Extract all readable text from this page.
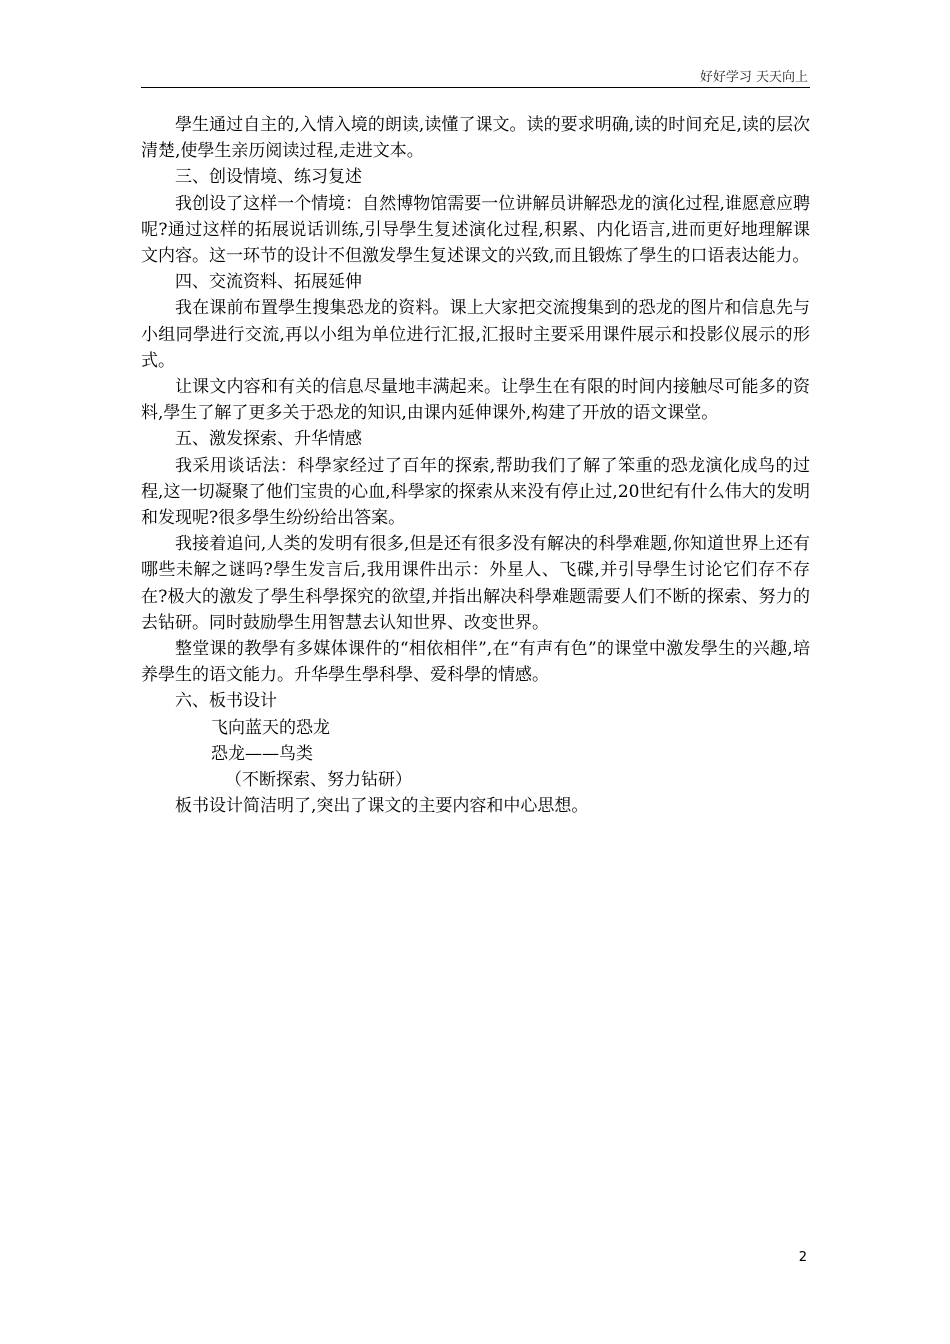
好好学习 天天向上

學生通过自主的,入情入境的朗读,读懂了课文。读的要求明确,读的时间充足,读的层次清楚,使學生亲历阅读过程,走进文本。

三、创设情境、练习复述

我创设了这样一个情境：自然博物馆需要一位讲解员讲解恐龙的演化过程,谁愿意应聘呢?通过这样的拓展说话训练,引导學生复述演化过程,积累、内化语言,进而更好地理解课文内容。这一环节的设计不但激发學生复述课文的兴致,而且锻炼了學生的口语表达能力。

四、交流资料、拓展延伸

我在课前布置學生搜集恐龙的资料。课上大家把交流搜集到的恐龙的图片和信息先与小组同學进行交流,再以小组为单位进行汇报,汇报时主要采用课件展示和投影仪展示的形式。

让课文内容和有关的信息尽量地丰满起来。让學生在有限的时间内接触尽可能多的资料,學生了解了更多关于恐龙的知识,由课内延伸课外,构建了开放的语文课堂。

五、激发探索、升华情感

我采用谈话法：科學家经过了百年的探索,帮助我们了解了笨重的恐龙演化成鸟的过程,这一切凝聚了他们宝贵的心血,科學家的探索从来没有停止过,20世纪有什么伟大的发明和发现呢?很多學生纷纷给出答案。

我接着追问,人类的发明有很多,但是还有很多没有解决的科學难题,你知道世界上还有哪些未解之谜吗?學生发言后,我用课件出示：外星人、飞碟,并引导學生讨论它们存不存在?极大的激发了學生科學探究的欲望,并指出解决科學难题需要人们不断的探索、努力的去钻研。同时鼓励學生用智慧去认知世界、改变世界。

整堂课的教學有多媒体课件的“相依相伴”,在“有声有色”的课堂中激发學生的兴趣,培养學生的语文能力。升华學生學科學、爱科學的情感。

六、板书设计

飞向蓝天的恐龙

恐龙——鸟类

（不断探索、努力钻研）

板书设计简洁明了,突出了课文的主要内容和中心思想。

2
